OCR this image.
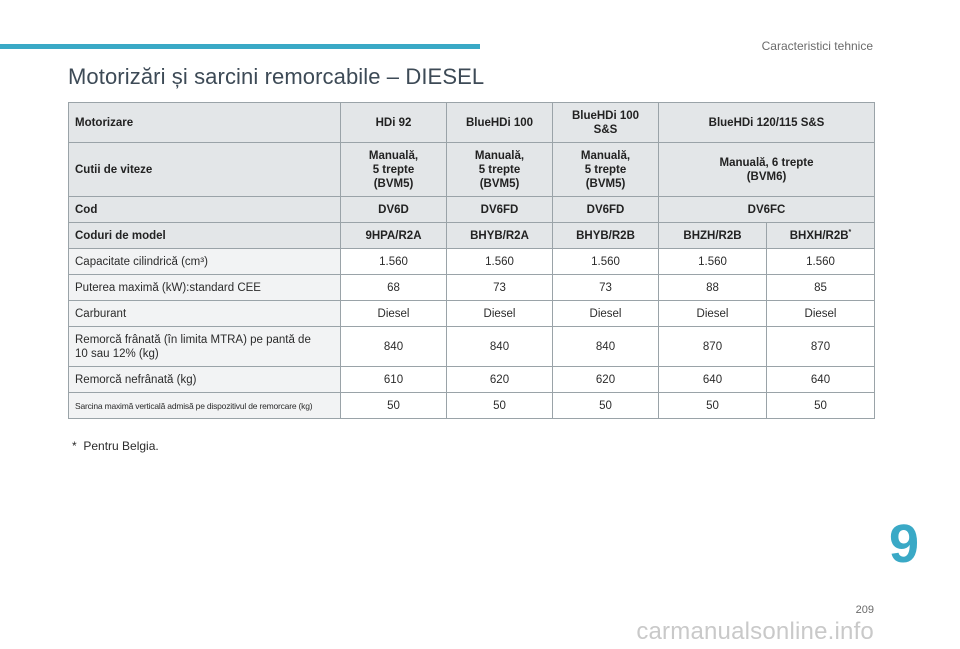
Caracteristici tehnice
Motorizări și sarcini remorcabile – DIESEL
Motorizare	HDi 92	BlueHDi 100	BlueHDi 100 S&S	BlueHDi 120/115 S&S	
Cutii de viteze	Manuală, 5 trepte (BVM5)	Manuală, 5 trepte (BVM5)	Manuală, 5 trepte (BVM5)	Manuală, 6 trepte (BVM6)	
Cod	DV6D	DV6FD	DV6FD	DV6FC	
Coduri de model	9HPA/R2A	BHYB/R2A	BHYB/R2B	BHZH/R2B	BHXH/R2B*
Capacitate cilindrică (cm³)	1.560	1.560	1.560	1.560	1.560
Puterea maximă (kW):standard CEE	68	73	73	88	85
Carburant	Diesel	Diesel	Diesel	Diesel	Diesel
Remorcă frânată (în limita MTRA) pe pantă de 10 sau 12% (kg)	840	840	840	870	870
Remorcă nefrânată (kg)	610	620	620	640	640
Sarcina maximă verticală admisă pe dispozitivul de remorcare (kg)	50	50	50	50	50
* Pentru Belgia.
9
209
carmanualsonline.info
